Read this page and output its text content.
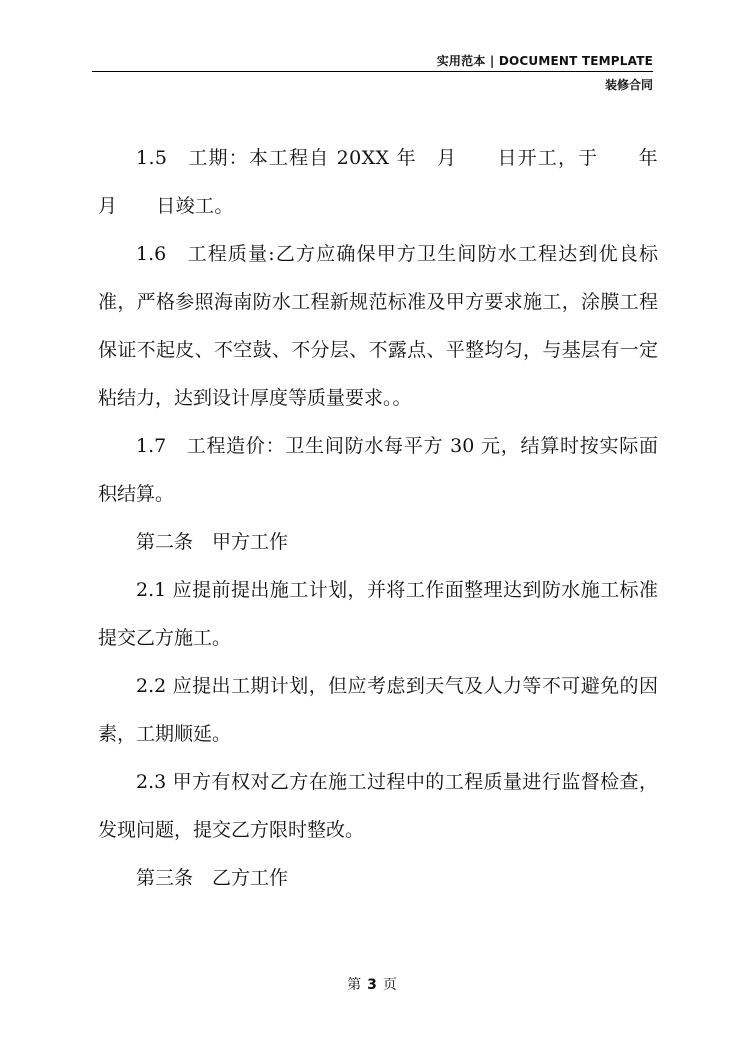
实用范本 | DOCUMENT TEMPLATE
装修合同

1.5　工期：本工程自 20XX 年　月　　日开工，于　　年月　　日竣工。

1.6　工程质量:乙方应确保甲方卫生间防水工程达到优良标准，严格参照海南防水工程新规范标准及甲方要求施工，涂膜工程保证不起皮、不空鼓、不分层、不露点、平整均匀，与基层有一定粘结力，达到设计厚度等质量要求。。

1.7　工程造价：卫生间防水每平方 30 元，结算时按实际面积结算。

第二条　甲方工作

2.1 应提前提出施工计划，并将工作面整理达到防水施工标准提交乙方施工。

2.2 应提出工期计划，但应考虑到天气及人力等不可避免的因素，工期顺延。

2.3 甲方有权对乙方在施工过程中的工程质量进行监督检查，发现问题，提交乙方限时整改。

第三条　乙方工作

第 3 页
